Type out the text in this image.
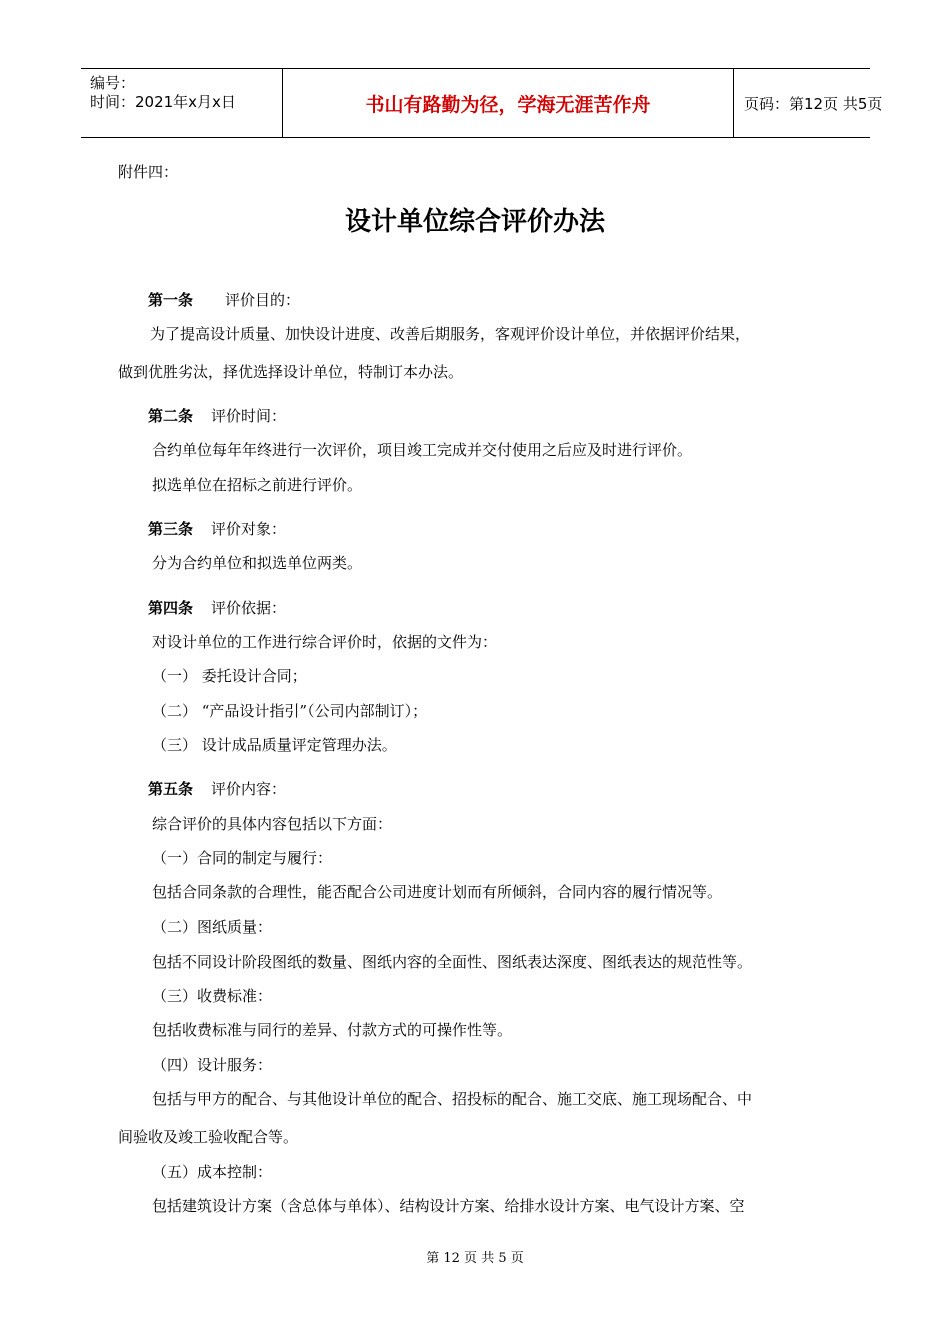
编号：
时间：2021年x月x日	书山有路勤为径，学海无涯苦作舟	页码：第12页 共5页
附件四：
设计单位综合评价办法
第一条 评价目的：
为了提高设计质量、加快设计进度、改善后期服务，客观评价设计单位，并依据评价结果，
做到优胜劣汰，择优选择设计单位，特制订本办法。
第二条 评价时间：
合约单位每年年终进行一次评价，项目竣工完成并交付使用之后应及时进行评价。
拟选单位在招标之前进行评价。
第三条 评价对象：
分为合约单位和拟选单位两类。
第四条 评价依据：
对设计单位的工作进行综合评价时，依据的文件为：
（一） 委托设计合同；
（二） “产品设计指引”（公司内部制订）；
（三） 设计成品质量评定管理办法。
第五条 评价内容：
综合评价的具体内容包括以下方面：
（一）合同的制定与履行：
包括合同条款的合理性，能否配合公司进度计划而有所倾斜，合同内容的履行情况等。
（二）图纸质量：
包括不同设计阶段图纸的数量、图纸内容的全面性、图纸表达深度、图纸表达的规范性等。
（三）收费标准：
包括收费标准与同行的差异、付款方式的可操作性等。
（四）设计服务：
包括与甲方的配合、与其他设计单位的配合、招投标的配合、施工交底、施工现场配合、中
间验收及竣工验收配合等。
（五）成本控制：
包括建筑设计方案（含总体与单体）、结构设计方案、给排水设计方案、电气设计方案、空
第 12 页 共 5 页
